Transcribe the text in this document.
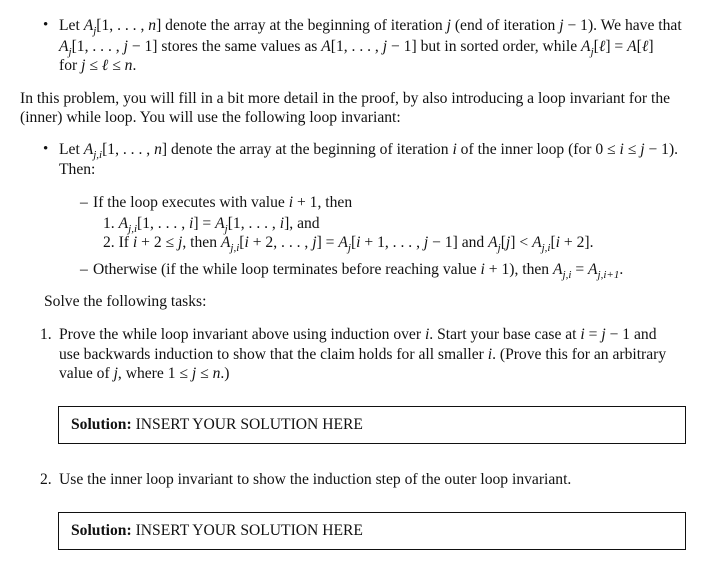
• Let $A_j[1$, . . . , n] denote the array at the beginning of iteration j (end of iteration j − 1). We have that
$A_j[1$, . . . , j − 1] stores the same values as A[1, . . . , j − 1] but in sorted order, while $A_j[\ell]$ = A[ℓ]
for j ≤ ℓ ≤ n.
In this problem, you will fill in a bit more detail in the proof, by also introducing a loop invariant for the
(inner) while loop. You will use the following loop invariant:
• Let $A_{j,i}[1$, . . . , n] denote the array at the beginning of iteration i of the inner loop (for 0 ≤ i ≤ j − 1).
Then:
– If the loop executes with value i + 1, then
1. $A_{j,i}[1$, . . . , $i] = A_j[1$, . . . , i], and
2. If i + 2 ≤ j, then $A_{j,i}[i + 2$, . . . , $j] = A_j[i + 1$, . . . , j − 1] and $A_j[j] < A_{j,i}[i + 2]$.
– Otherwise (if the while loop terminates before reaching value i + 1), then $A_{j,i} = A_{j,i+1}$.
Solve the following tasks:
1. Prove the while loop invariant above using induction over i. Start your base case at i = j − 1 and
use backwards induction to show that the claim holds for all smaller i. (Prove this for an arbitrary
value of j, where 1 ≤ j ≤ n.)
Solution: INSERT YOUR SOLUTION HERE
2. Use the inner loop invariant to show the induction step of the outer loop invariant.
Solution: INSERT YOUR SOLUTION HERE
